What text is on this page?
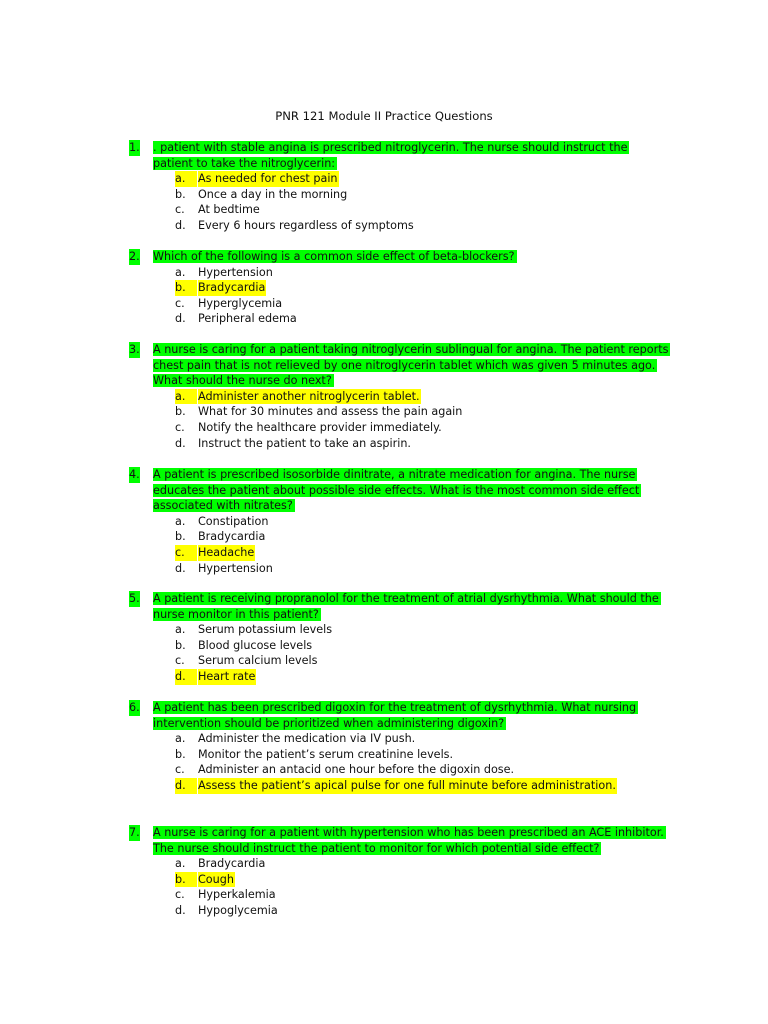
PNR 121 Module II Practice Questions
1. . patient with stable angina is prescribed nitroglycerin. The nurse should instruct the
patient to take the nitroglycerin:
a.	As needed for chest pain
b.	Once a day in the morning
c.	At bedtime
d.	Every 6 hours regardless of symptoms
2. Which of the following is a common side effect of beta-blockers?
a.	Hypertension
b.	Bradycardia
c.	Hyperglycemia
d.	Peripheral edema
3. A nurse is caring for a patient taking nitroglycerin sublingual for angina. The patient reports
chest pain that is not relieved by one nitroglycerin tablet which was given 5 minutes ago.
What should the nurse do next?
a.	Administer another nitroglycerin tablet.
b.	What for 30 minutes and assess the pain again
c.	Notify the healthcare provider immediately.
d.	Instruct the patient to take an aspirin.
4. A patient is prescribed isosorbide dinitrate, a nitrate medication for angina. The nurse
educates the patient about possible side effects. What is the most common side effect
associated with nitrates?
a.	Constipation
b.	Bradycardia
c.	Headache
d.	Hypertension
5. A patient is receiving propranolol for the treatment of atrial dysrhythmia. What should the
nurse monitor in this patient?
a.	Serum potassium levels
b.	Blood glucose levels
c.	Serum calcium levels
d.	Heart rate
6. A patient has been prescribed digoxin for the treatment of dysrhythmia. What nursing
intervention should be prioritized when administering digoxin?
a.	Administer the medication via IV push.
b.	Monitor the patient’s serum creatinine levels.
c.	Administer an antacid one hour before the digoxin dose.
d.	Assess the patient’s apical pulse for one full minute before administration.
7. A nurse is caring for a patient with hypertension who has been prescribed an ACE inhibitor.
The nurse should instruct the patient to monitor for which potential side effect?
a.	Bradycardia
b.	Cough
c.	Hyperkalemia
d.	Hypoglycemia
